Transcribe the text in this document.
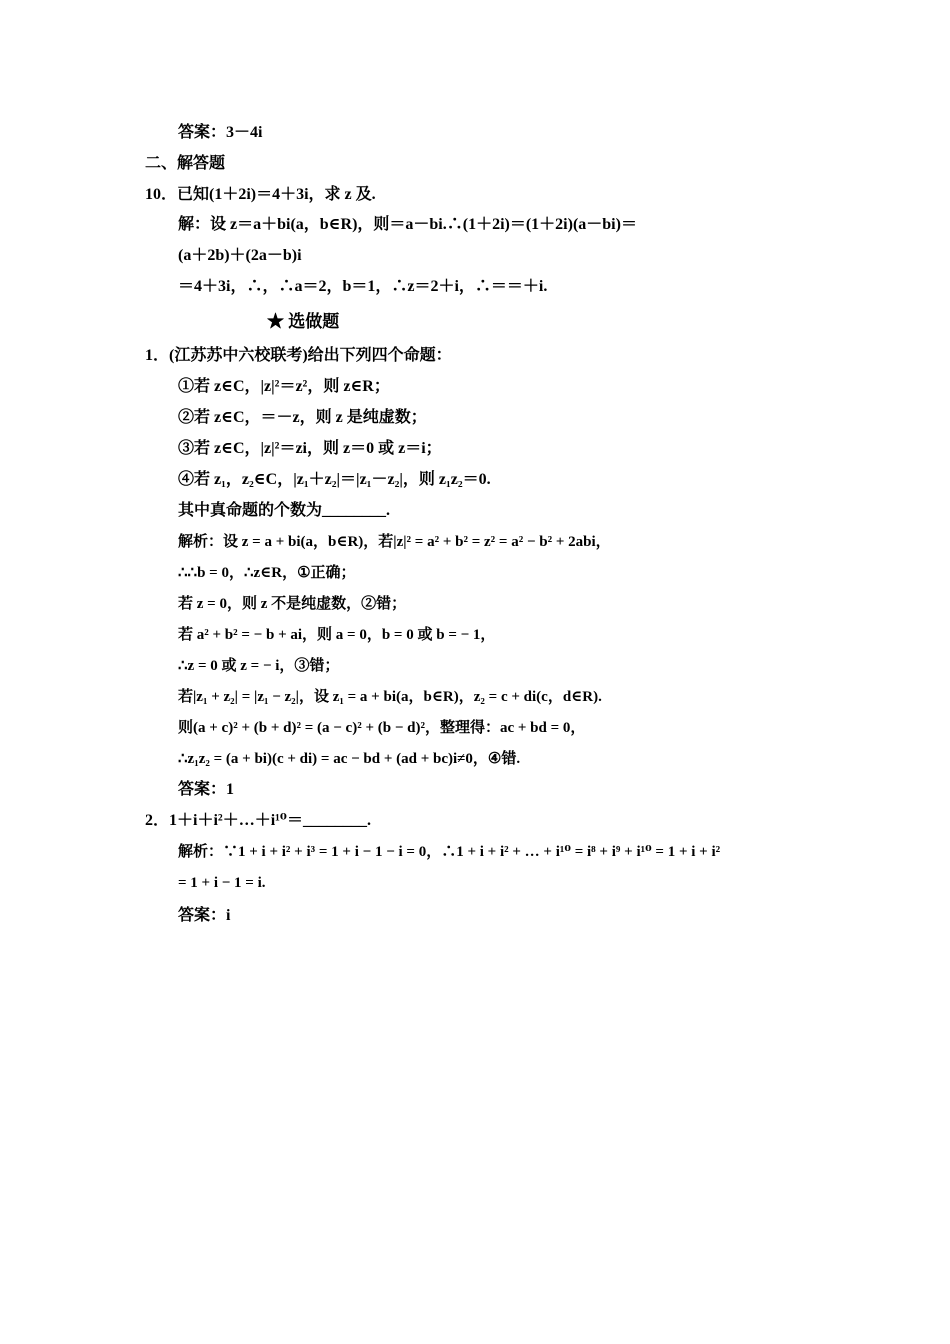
答案：3－4i
二、解答题
10．已知(1＋2i)＝4＋3i，求 z 及.
解：设 z＝a＋bi(a，b∈R)，则＝a－bi.∴(1＋2i)＝(1＋2i)(a－bi)＝
(a＋2b)＋(2a－b)i
＝4＋3i，∴，∴a＝2，b＝1，∴z＝2＋i，∴＝＝＋i.
★ 选做题
1．(江苏苏中六校联考)给出下列四个命题：
①若 z∈C，|z|²＝z²，则 z∈R；
②若 z∈C，＝－z，则 z 是纯虚数；
③若 z∈C，|z|²＝zi，则 z＝0 或 z＝i；
④若 z₁，z₂∈C，|z₁＋z₂|＝|z₁－z₂|，则 z₁z₂＝0.
其中真命题的个数为________.
解析：设 z = a + bi(a，b∈R)，若|z|² = a² + b² = z² = a² − b² + 2abi，
∴∴b = 0，∴z∈R，①正确；
若 z = 0，则 z 不是纯虚数，②错；
若 a² + b² = − b + ai，则 a = 0，b = 0 或 b = − 1，
∴z = 0 或 z = − i，③错；
若|z₁ + z₂| = |z₁ − z₂|，设 z₁ = a + bi(a，b∈R)，z₂ = c + di(c，d∈R).
则(a + c)² + (b + d)² = (a − c)² + (b − d)²，整理得：ac + bd = 0，
∴z₁z₂ = (a + bi)(c + di) = ac − bd + (ad + bc)i≠0，④错.
答案：1
2．1＋i＋i²＋…＋i¹⁰＝________.
解析：∵1 + i + i² + i³ = 1 + i − 1 − i = 0，∴1 + i + i² + … + i¹⁰ = i⁸ + i⁹ + i¹⁰ = 1 + i + i²
= 1 + i − 1 = i.
答案：i
